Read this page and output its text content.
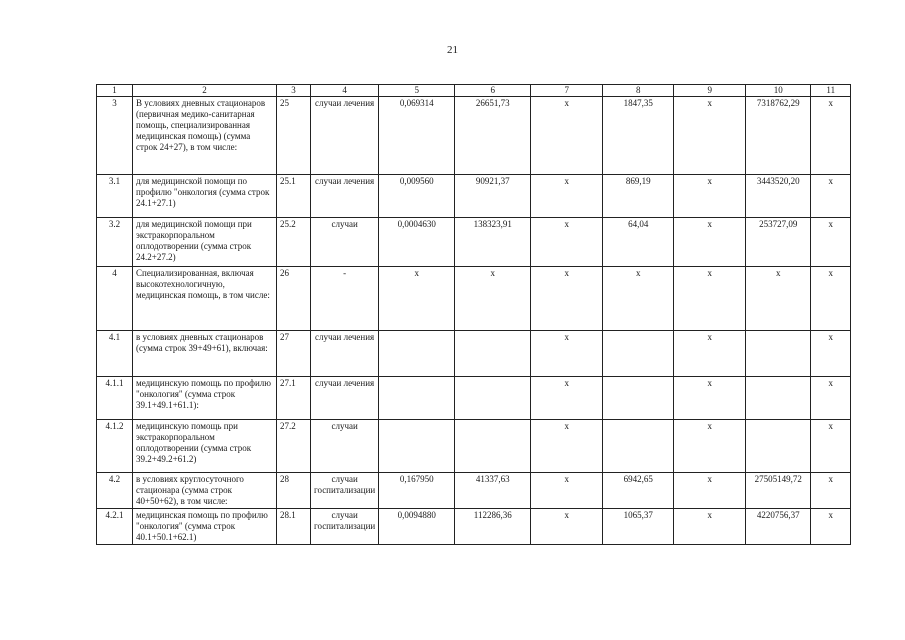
21
1	2	3	4	5	6	7	8	9	10	11
3	В условиях дневных стационаров (первичная медико-санитарная помощь, специализированная медицинская помощь) (сумма строк 24+27), в том числе:	25	случаи лечения	0,069314	26651,73	x	1847,35	x	7318762,29	x
3.1	для медицинской помощи по профилю "онкология (сумма строк 24.1+27.1)	25.1	случаи лечения	0,009560	90921,37	x	869,19	x	3443520,20	x
3.2	для медицинской помощи при экстракорпоральном оплодотворении (сумма строк 24.2+27.2)	25.2	случаи	0,0004630	138323,91	x	64,04	x	253727,09	x
4	Специализированная, включая высокотехнологичную, медицинская помощь, в том числе:	26	-	x	x	x	x	x	x	x
4.1	в условиях дневных стационаров (сумма строк 39+49+61), включая:	27	случаи лечения			x		x		x
4.1.1	медицинскую помощь по профилю "онкология" (сумма строк 39.1+49.1+61.1):	27.1	случаи лечения			x		x		x
4.1.2	медицинскую помощь при экстракорпоральном оплодотворении (сумма строк 39.2+49.2+61.2)	27.2	случаи			x		x		x
4.2	в условиях круглосуточного стационара (сумма строк 40+50+62), в том числе:	28	случаи госпитализации	0,167950	41337,63	x	6942,65	x	27505149,72	x
4.2.1	медицинская помощь по профилю "онкология" (сумма строк 40.1+50.1+62.1)	28.1	случаи госпитализации	0,0094880	112286,36	x	1065,37	x	4220756,37	x
